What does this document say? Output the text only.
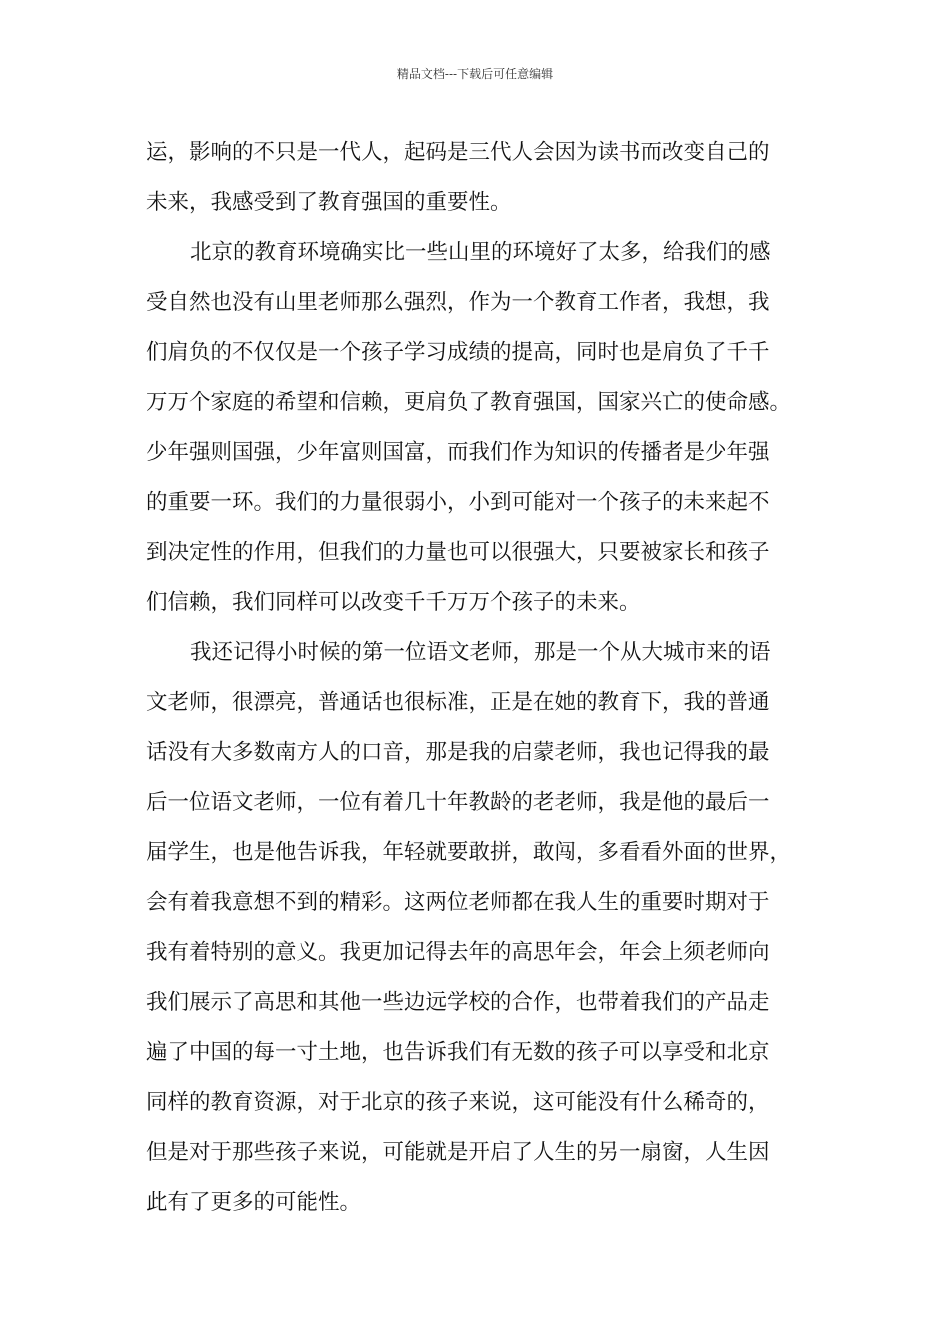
精品文档---下载后可任意编辑
运，影响的不只是一代人，起码是三代人会因为读书而改变自己的
未来，我感受到了教育强国的重要性。
北京的教育环境确实比一些山里的环境好了太多，给我们的感
受自然也没有山里老师那么强烈，作为一个教育工作者，我想，我
们肩负的不仅仅是一个孩子学习成绩的提高，同时也是肩负了千千
万万个家庭的希望和信赖，更肩负了教育强国，国家兴亡的使命感。
少年强则国强，少年富则国富，而我们作为知识的传播者是少年强
的重要一环。我们的力量很弱小，小到可能对一个孩子的未来起不
到决定性的作用，但我们的力量也可以很强大，只要被家长和孩子
们信赖，我们同样可以改变千千万万个孩子的未来。
我还记得小时候的第一位语文老师，那是一个从大城市来的语
文老师，很漂亮，普通话也很标准，正是在她的教育下，我的普通
话没有大多数南方人的口音，那是我的启蒙老师，我也记得我的最
后一位语文老师，一位有着几十年教龄的老老师，我是他的最后一
届学生，也是他告诉我，年轻就要敢拼，敢闯，多看看外面的世界，
会有着我意想不到的精彩。这两位老师都在我人生的重要时期对于
我有着特别的意义。我更加记得去年的高思年会，年会上须老师向
我们展示了高思和其他一些边远学校的合作，也带着我们的产品走
遍了中国的每一寸土地，也告诉我们有无数的孩子可以享受和北京
同样的教育资源，对于北京的孩子来说，这可能没有什么稀奇的，
但是对于那些孩子来说，可能就是开启了人生的另一扇窗，人生因
此有了更多的可能性。
